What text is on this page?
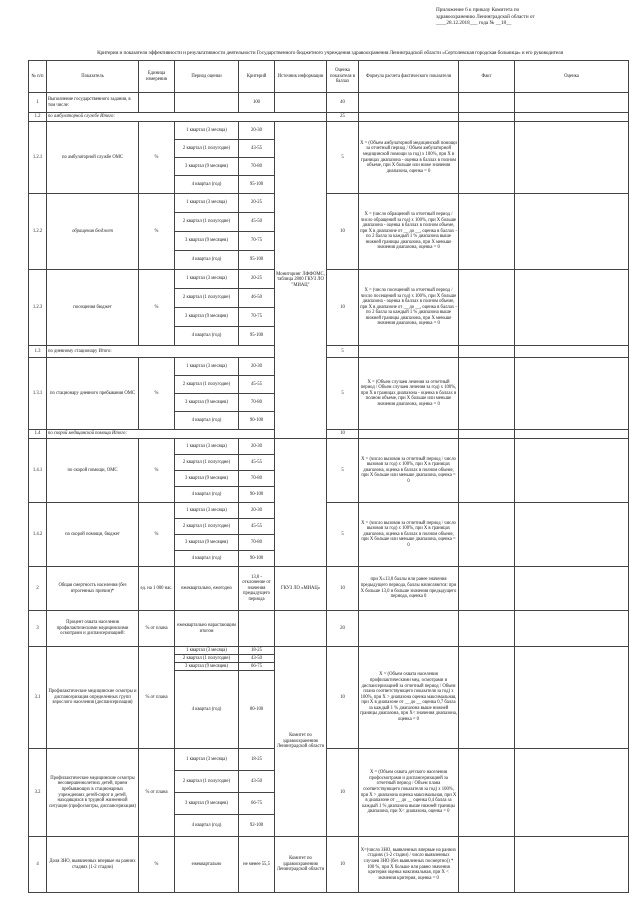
Приложение 6 к приказу Комитета по
здравоохранению Ленинградской области от
____28.12.2018___ года № __18__
Критерии и показатели эффективности и результативности деятельности Государственного бюджетного учреждения здравоохранения Ленинградской области «Сертолевская городская больница» и его руководителя
№ п/п	Показатель	Единица измерения	Период оценки	Критерий	Источник информации	Оценка показателя в баллах	Формула расчета фактического показателя	Факт	Оценка
1	Выполнение государственного задания, в том числе:			100		40			
1.2	по амбулаторной службе Итого:					25			
1.2.1	по амбулаторной службе ОМС	%	1 квартал (3 месяца)	20-30	Мониторинг ЛФФОМС, таблица 2800 ГКУЗ ЛО "МИАЦ"	5	Х = (Объем амбулаторной медицинской помощи за отчетный период / Объем амбулаторной медицинской помощи за год) х 100%, при Х в границах диапазона - оценка в баллах в полном объеме, при Х больше или ниже значения диапазона, оценка = 0		
			2 квартал (1 полугодие)	43-55					
			3 квартал (9 месяцев)	70-80					
			4 квартал (год)	95-100					
1.2.2	обращения бюджет	%	1 квартал (3 месяца)	20-25		10	Х = (число обращений за отчетный период / число обращений за год) х 100%, при Х больше диапазона - оценка в баллах в полном объеме, при Х в диапазоне от __ до __, оценка в баллах - по 2 балла за каждый 1 % диапазона выше нижней границы диапазона, при Х меньше значения диапазона, оценка = 0		
			2 квартал (1 полугодие)	45-50					
			3 квартал (9 месяцев)	70-75					
			4 квартал (год)	95-100					
1.2.3	посещения бюджет	%	1 квартал (3 месяца)	20-25		10	Х = (число посещений за отчетный период / число посещений за год) х 100%, при Х больше диапазона - оценка в баллах в полном объеме, при Х в диапазоне от __ до __, оценка в баллах - по 2 балла за каждый 1 % диапазона выше нижней границы диапазона, при Х меньше значения диапазона, оценка = 0		
			2 квартал (1 полугодие)	46-50					
			3 квартал (9 месяцев)	70-75					
			4 квартал (год)	95-100					
1.3	по дневному стационару Итого:					5			
1.3.1	по стационару дневного пребывания ОМС	%	1 квартал (3 месяца)	20-30		5	Х = (Объем случаев лечения за отчетный период / Объем случаев лечения за год) х 100%, при Х в границах диапазона - оценка в баллах в полном объеме, при Х больше или меньше значения диапазона, оценка = 0		
			2 квартал (1 полугодие)	45-55					
			3 квартал (9 месяцев)	70-80					
			4 квартал (год)	90-100					
1.4	по скорой медицинской помощи Итого:					10			
1.4.1	по скорой помощи, ОМС	%	1 квартал (3 месяца)	20-30		5	Х = (число вызовов за отчетный период / число вызовов за год) х 100%, при Х в границах диапазона, оценка в баллах в полном объеме, при Х больше или меньше диапазона, оценка = 0		
			2 квартал (1 полугодие)	45-55					
			3 квартал (9 месяцев)	70-80					
			4 квартал (год)	90-100					
1.4.2	по скорой помощи, бюджет	%	1 квартал (3 месяца)	20-30		5	Х = (число вызовов за отчетный период / число вызовов за год) х 100%, при Х в границах диапазона, оценка в баллах в полном объеме, при Х больше или меньше диапазона, оценка = 0		
			2 квартал (1 полугодие)	45-55					
			3 квартал (9 месяцев)	70-80					
			4 квартал (год)	90-100					
2	Общая смертность населения (без ятрогенных причин)*	ед. на 1 000 нас.	ежеквартально, ежегодно	13,0 - отклонение от значения предыдущего периода	ГКУЗ ЛО «МИАЦ»	10	при Х≤13,0 баллы или ранее значения предыдущего периода, баллы начисляются: при Х больше 13,0 и больше значения предыдущего периода, оценка 0		
3	Процент охвата населения профилактическими медицинскими осмотрами и диспансеризацией:	% от плана	ежеквартально нарастающим итогом			20			
3.1	Профилактические медицинские осмотры и диспансеризация определенных групп взрослого населения (диспансеризация)	% от плана	1 квартал (3 месяца)	18-25	Комитет по здравоохранению Ленинградской области	10	Х = (Объем охвата населения профилактическими мед. осмотрами и диспансеризацией за отчетный период / Объем плана соответствующего показателя за год) х 100%, при Х > диапазона оценка максимальная, при Х в диапазоне от __ до __ оценка 0,7 балла за каждый 1 % диапазона выше нижней границы диапазона, при Х< значения диапазона, оценка = 0		
			2 квартал (1 полугодие)	43-50					
			3 квартал (9 месяцев)	66-75					
			4 квартал (год)	80-100					
3.2	Профилактические медицинские осмотры несовершеннолетних детей, прием пребывающих в стационарных учреждениях детей-сирот и детей, находящихся в трудной жизненной ситуации (профосмотры, диспансеризация)	% от плана	1 квартал (3 месяца)	18-25		10	Х = (Объем охвата детского населения профосмотрами и диспансеризацией за отчетный период / Объем плана соответствующего показателя за год) х 100%, при Х > диапазона оценка максимальная, при Х в диапазоне от __ до __ оценка 0,4 балла за каждый 1 % диапазона выше нижней границы диапазона, при Х< диапазона, оценка = 0		
			2 квартал (1 полугодие)	43-50					
			3 квартал (9 месяцев)	66-75					
			4 квартал (год)	92-100					
4	Доля ЗНО, выявленных впервые на ранних стадиях (1-2 стадии)	%	ежеквартально	не менее 55,5	Комитет по здравоохранению Ленинградской области	10	Х=(число ЗНО, выявленных впервые на ранних стадиях (1-2 стадии) / число выявленных случаев ЗНО (без выявленных посмертно)) * 100 %, при Х больше или равно значения критерия оценка максимальная, при Х < значения критерия, оценка = 0		
